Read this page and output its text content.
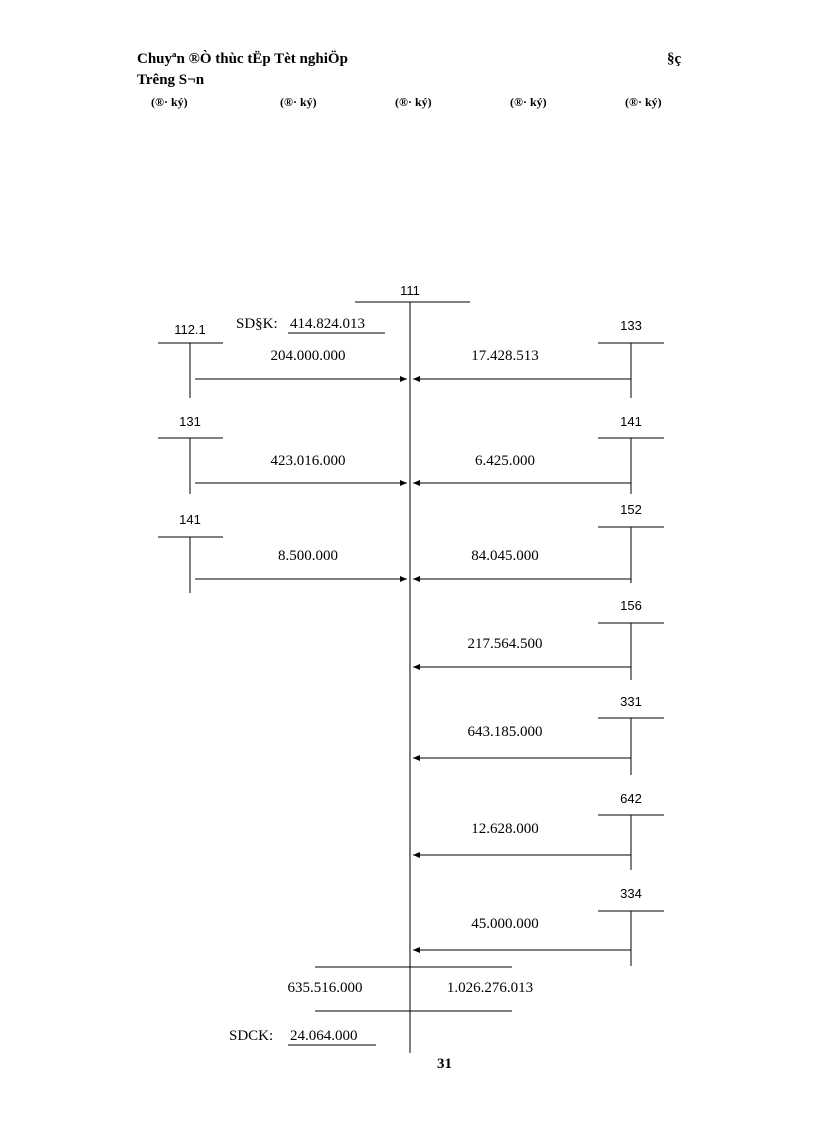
Chuyªn ®Ò thùc tËp Tèt nghiÖp	§ç
Trêng S¬n
(®· ký)	(®· ký)	(®· ký)	(®· ký)	(®· ký)
111
SD§K: 414.824.013
112.1
204.000.000
131
423.016.000
141
8.500.000
133
17.428.513
141
6.425.000
152
84.045.000
156
217.564.500
331
643.185.000
642
12.628.000
334
45.000.000
635.516.000	1.026.276.013
SDCK: 24.064.000
31
